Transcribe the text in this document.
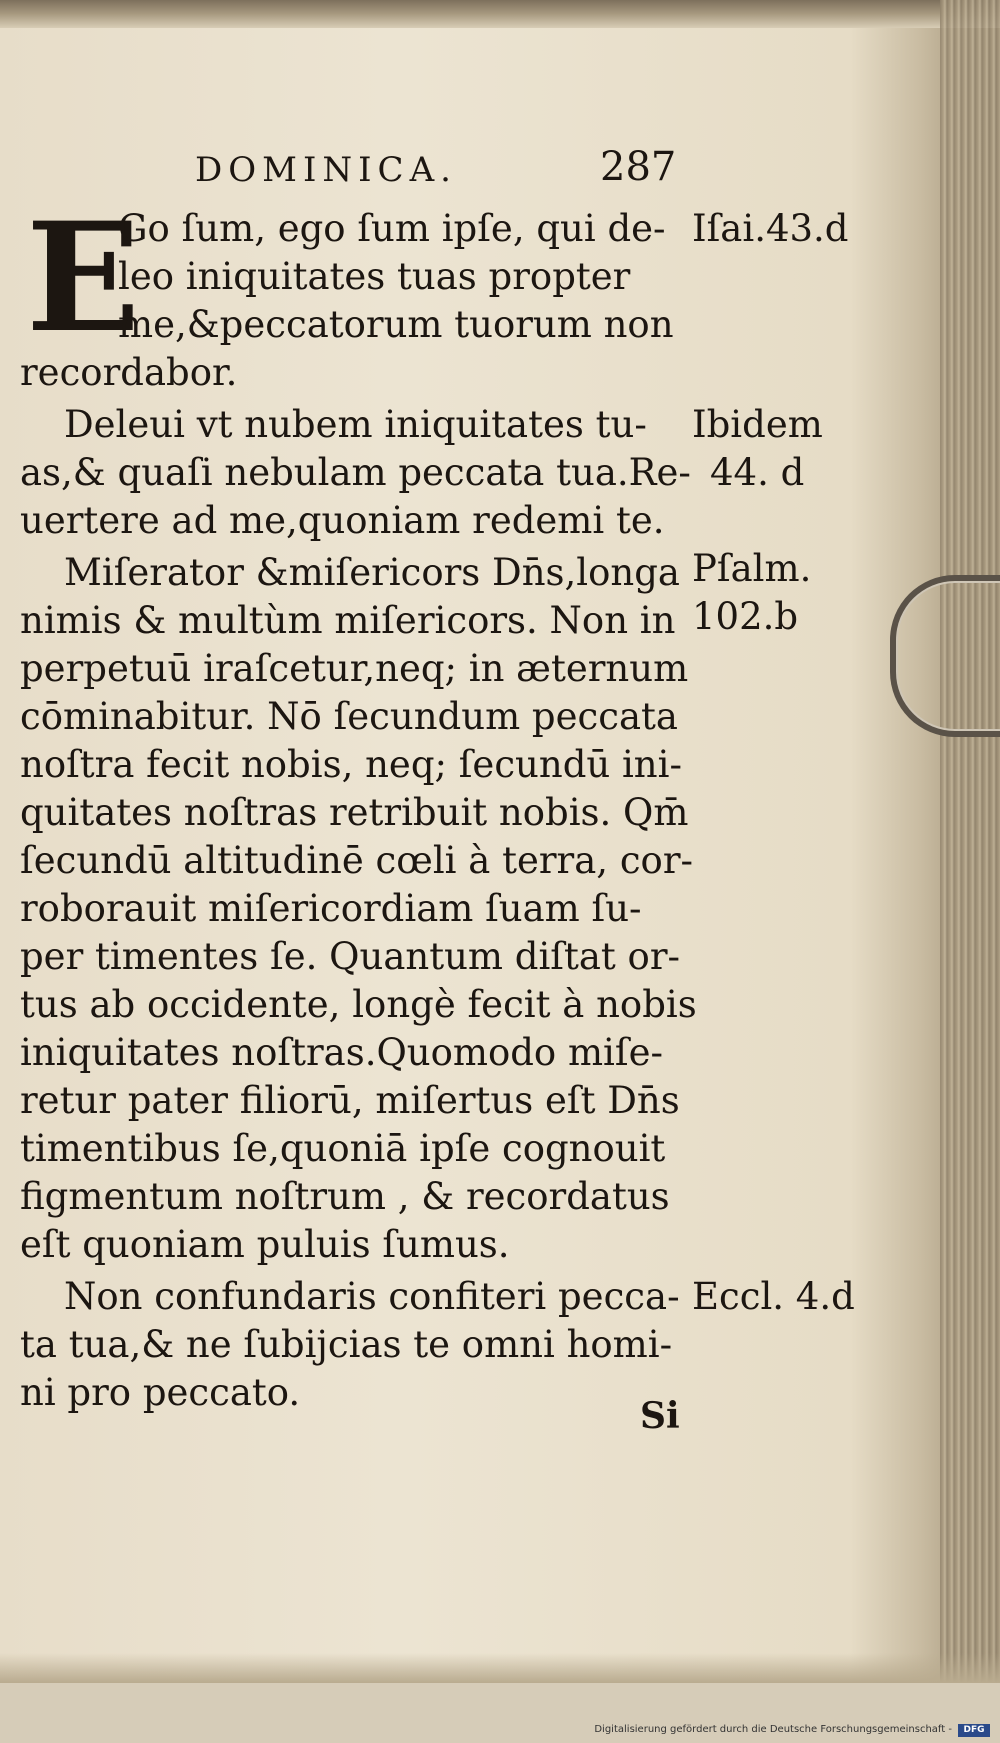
DOMINICA.	287
E
Go ſum, ego ſum ipſe, qui de-
leo iniquitates tuas propter
me,&peccatorum tuorum non
recordabor.
Deleui vt nubem iniquitates tu-
as,& quaſi nebulam peccata tua.Re-
uertere ad me,quoniam redemi te.
Miſerator &miſericors Dn̄s,longa
nimis & multùm miſericors. Non in
perpetuū iraſcetur,neq; in æternum
cōminabitur. Nō ſecundum peccata
noſtra fecit nobis, neq; ſecundū ini-
quitates noſtras retribuit nobis. Qm̄
ſecundū altitudinē cœli à terra, cor-
roborauit miſericordiam ſuam ſu-
per timentes ſe. Quantum diſtat or-
tus ab occidente, longè fecit à nobis
iniquitates noſtras.Quomodo miſe-
retur pater filiorū, miſertus eſt Dn̄s
timentibus ſe,quoniā ipſe cognouit
figmentum noſtrum , & recordatus
eſt quoniam puluis ſumus.
Non confundaris confiteri pecca-
ta tua,& ne ſubijcias te omni homi-
ni pro peccato.
Iſai.43.d
Ibidem
44. d
Pſalm.
102.b
Eccl. 4.d
Si
Digitalisierung gefördert durch die Deutsche Forschungsgemeinschaft -	DFG
